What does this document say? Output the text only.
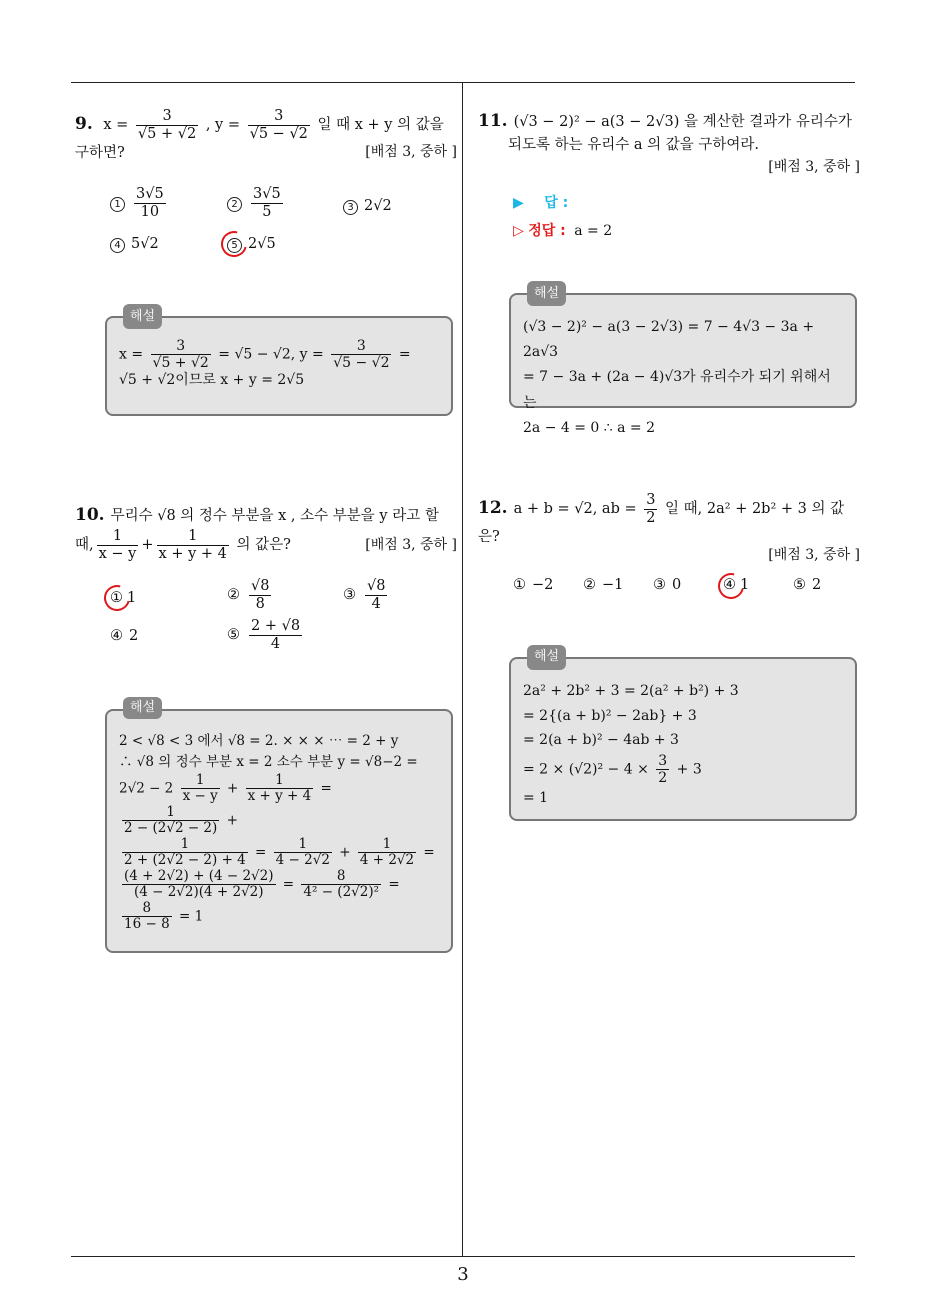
9. $x = \frac{3}{√5 + √2}$ , $y = \frac{3}{√5 - √2}$ 일 때 x + y 의 값을
구하면?	[배점 3, 중하 ]
$1 \frac{3√5}{10}$	$2 \frac{3√5}{5}$	3 2√2
4 5√2	5 2√5
해설
$x = \frac{3}{√5 + √2} = √5 - √2$, $y = \frac{3}{√5 - √2}$ =
√5 + √2이므로 x + y = 2√5
10. 무리수 √8 의 정수 부분을 x , 소수 부분을 y 라고 할
때, $\frac{1}{x - y} + \frac{1}{x + y + 4}$ 의 값은?	[배점 3, 중하 ]
① 1	② $\frac{√8}{8}$	③ $\frac{√8}{4}$
④ 2	⑤ $\frac{2 + √8}{4}$
해설
2 < √8 < 3 에서 √8 = 2. × × × ⋯ = 2 + y
∴ √8 의 정수 부분 x = 2 소수 부분 y = √8−2 =
$2√2 - 2 \frac{1}{x - y} + \frac{1}{x + y + 4}$ =
$\frac{1}{2 - (2√2 - 2)}$ +
$\frac{1}{2 + (2√2 - 2) + 4} = \frac{1}{4 - 2√2} + \frac{1}{4 + 2√2}$ =
$\frac{(4 + 2√2) + (4 - 2√2)}{(4 - 2√2)(4 + 2√2)} = \frac{8}{\text{4² − (2√2)²}}$ =
$\frac{8}{16 - 8} = 1$
11. (√3 − 2)² − a(3 − 2√3) 을 계산한 결과가 유리수가
되도록 하는 유리수 a 의 값을 구하여라.
[배점 3, 중하 ]
▶ 답 :
▷ 정답 : a = 2
해설
(√3 − 2)² − a(3 − 2√3) = 7 − 4√3 − 3a + 2a√3
= 7 − 3a + (2a − 4)√3가 유리수가 되기 위해서는
2a − 4 = 0 ∴ a = 2
12. a + b = √2, ab = $\frac{3}{2}$ 일 때, 2a² + 2b² + 3 의 값은?
[배점 3, 중하 ]
① −2 ② −1 ③ 0	④ 1	⑤ 2
해설
2a² + 2b² + 3 = 2(a² + b²) + 3
= 2{(a + b)² − 2ab} + 3
= 2(a + b)² − 4ab + 3
= $2 \times (√2)^2 - 4 \times \frac{3}{2} + 3$
= 1
3
